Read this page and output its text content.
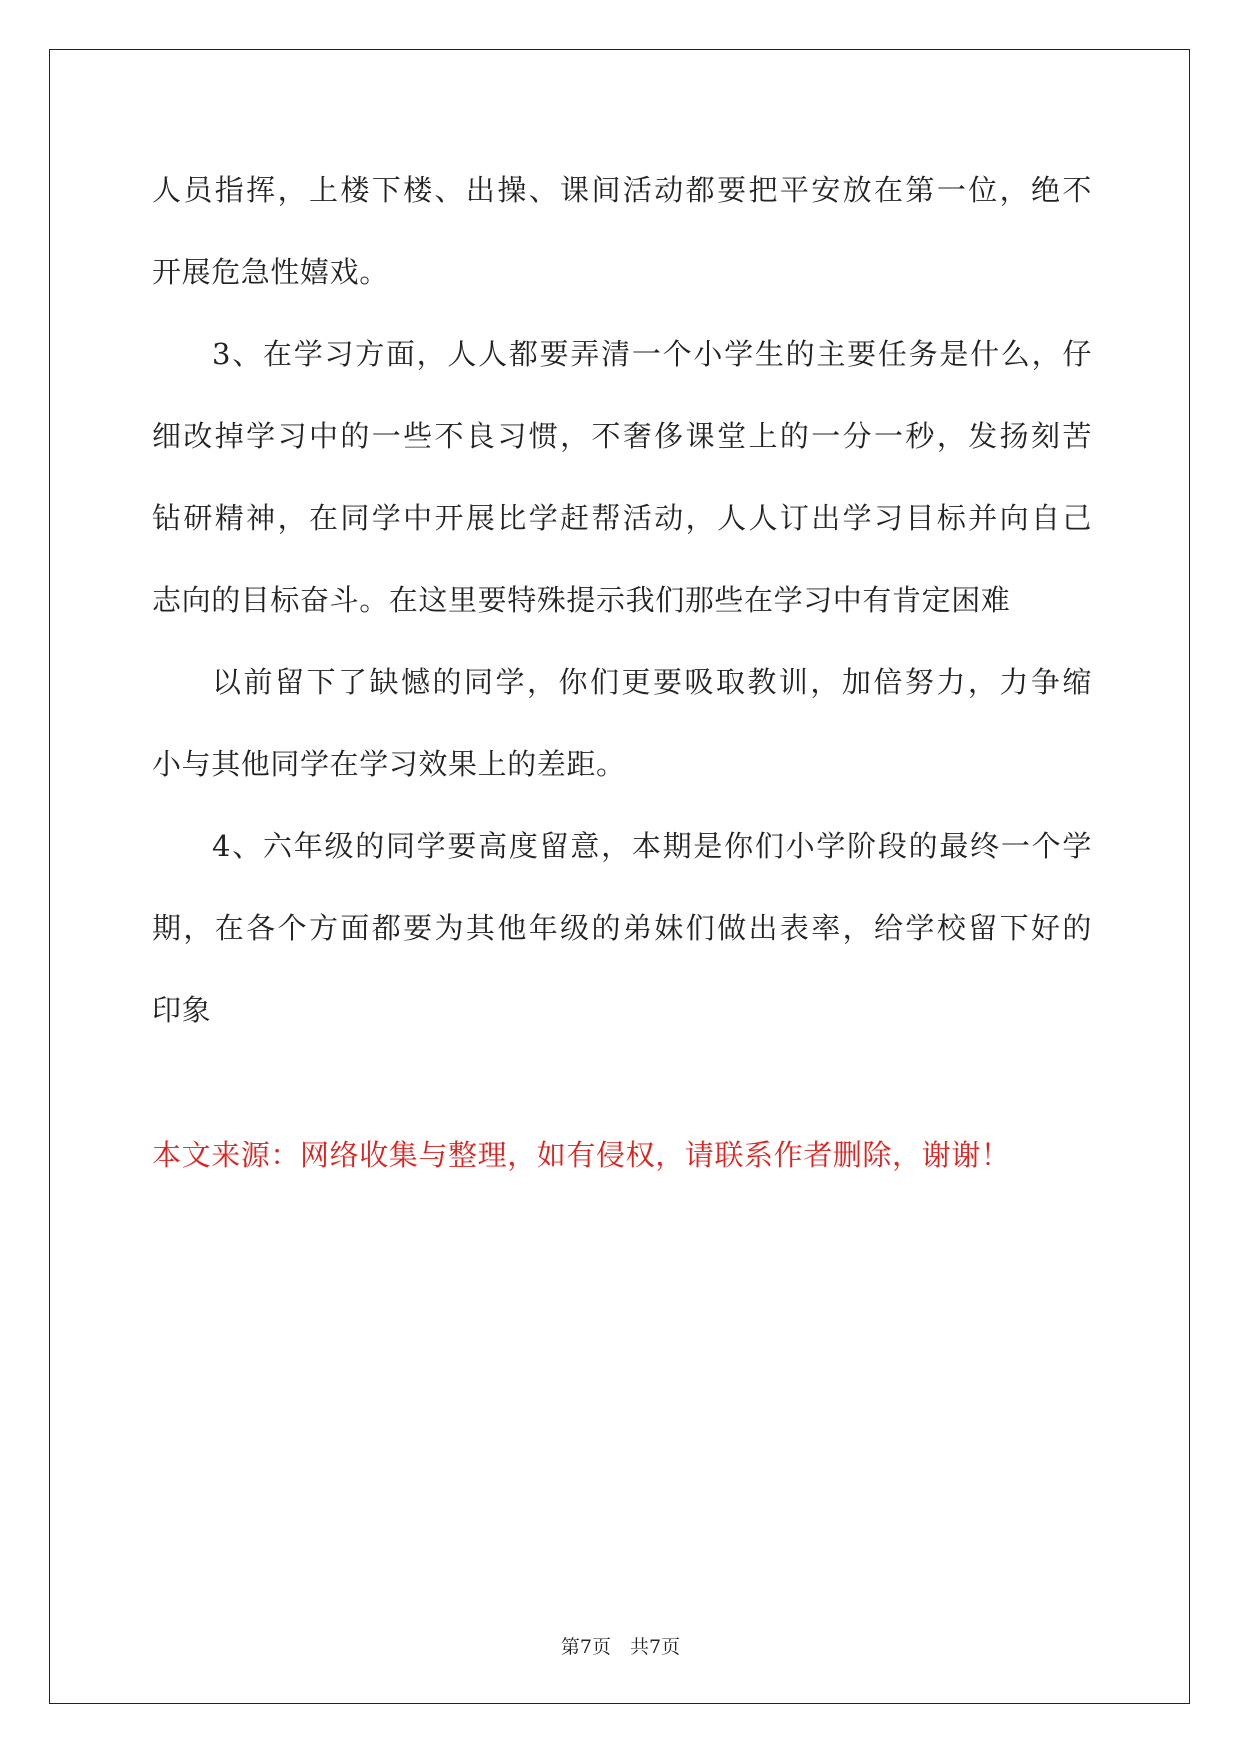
人员指挥，上楼下楼、出操、课间活动都要把平安放在第一位，绝不
开展危急性嬉戏。
3、在学习方面，人人都要弄清一个小学生的主要任务是什么，仔
细改掉学习中的一些不良习惯，不奢侈课堂上的一分一秒，发扬刻苦
钻研精神，在同学中开展比学赶帮活动，人人订出学习目标并向自己
志向的目标奋斗。在这里要特殊提示我们那些在学习中有肯定困难
以前留下了缺憾的同学，你们更要吸取教训，加倍努力，力争缩
小与其他同学在学习效果上的差距。
4、六年级的同学要高度留意，本期是你们小学阶段的最终一个学
期，在各个方面都要为其他年级的弟妹们做出表率，给学校留下好的
印象
本文来源：网络收集与整理，如有侵权，请联系作者删除，谢谢！
第7页　共7页
